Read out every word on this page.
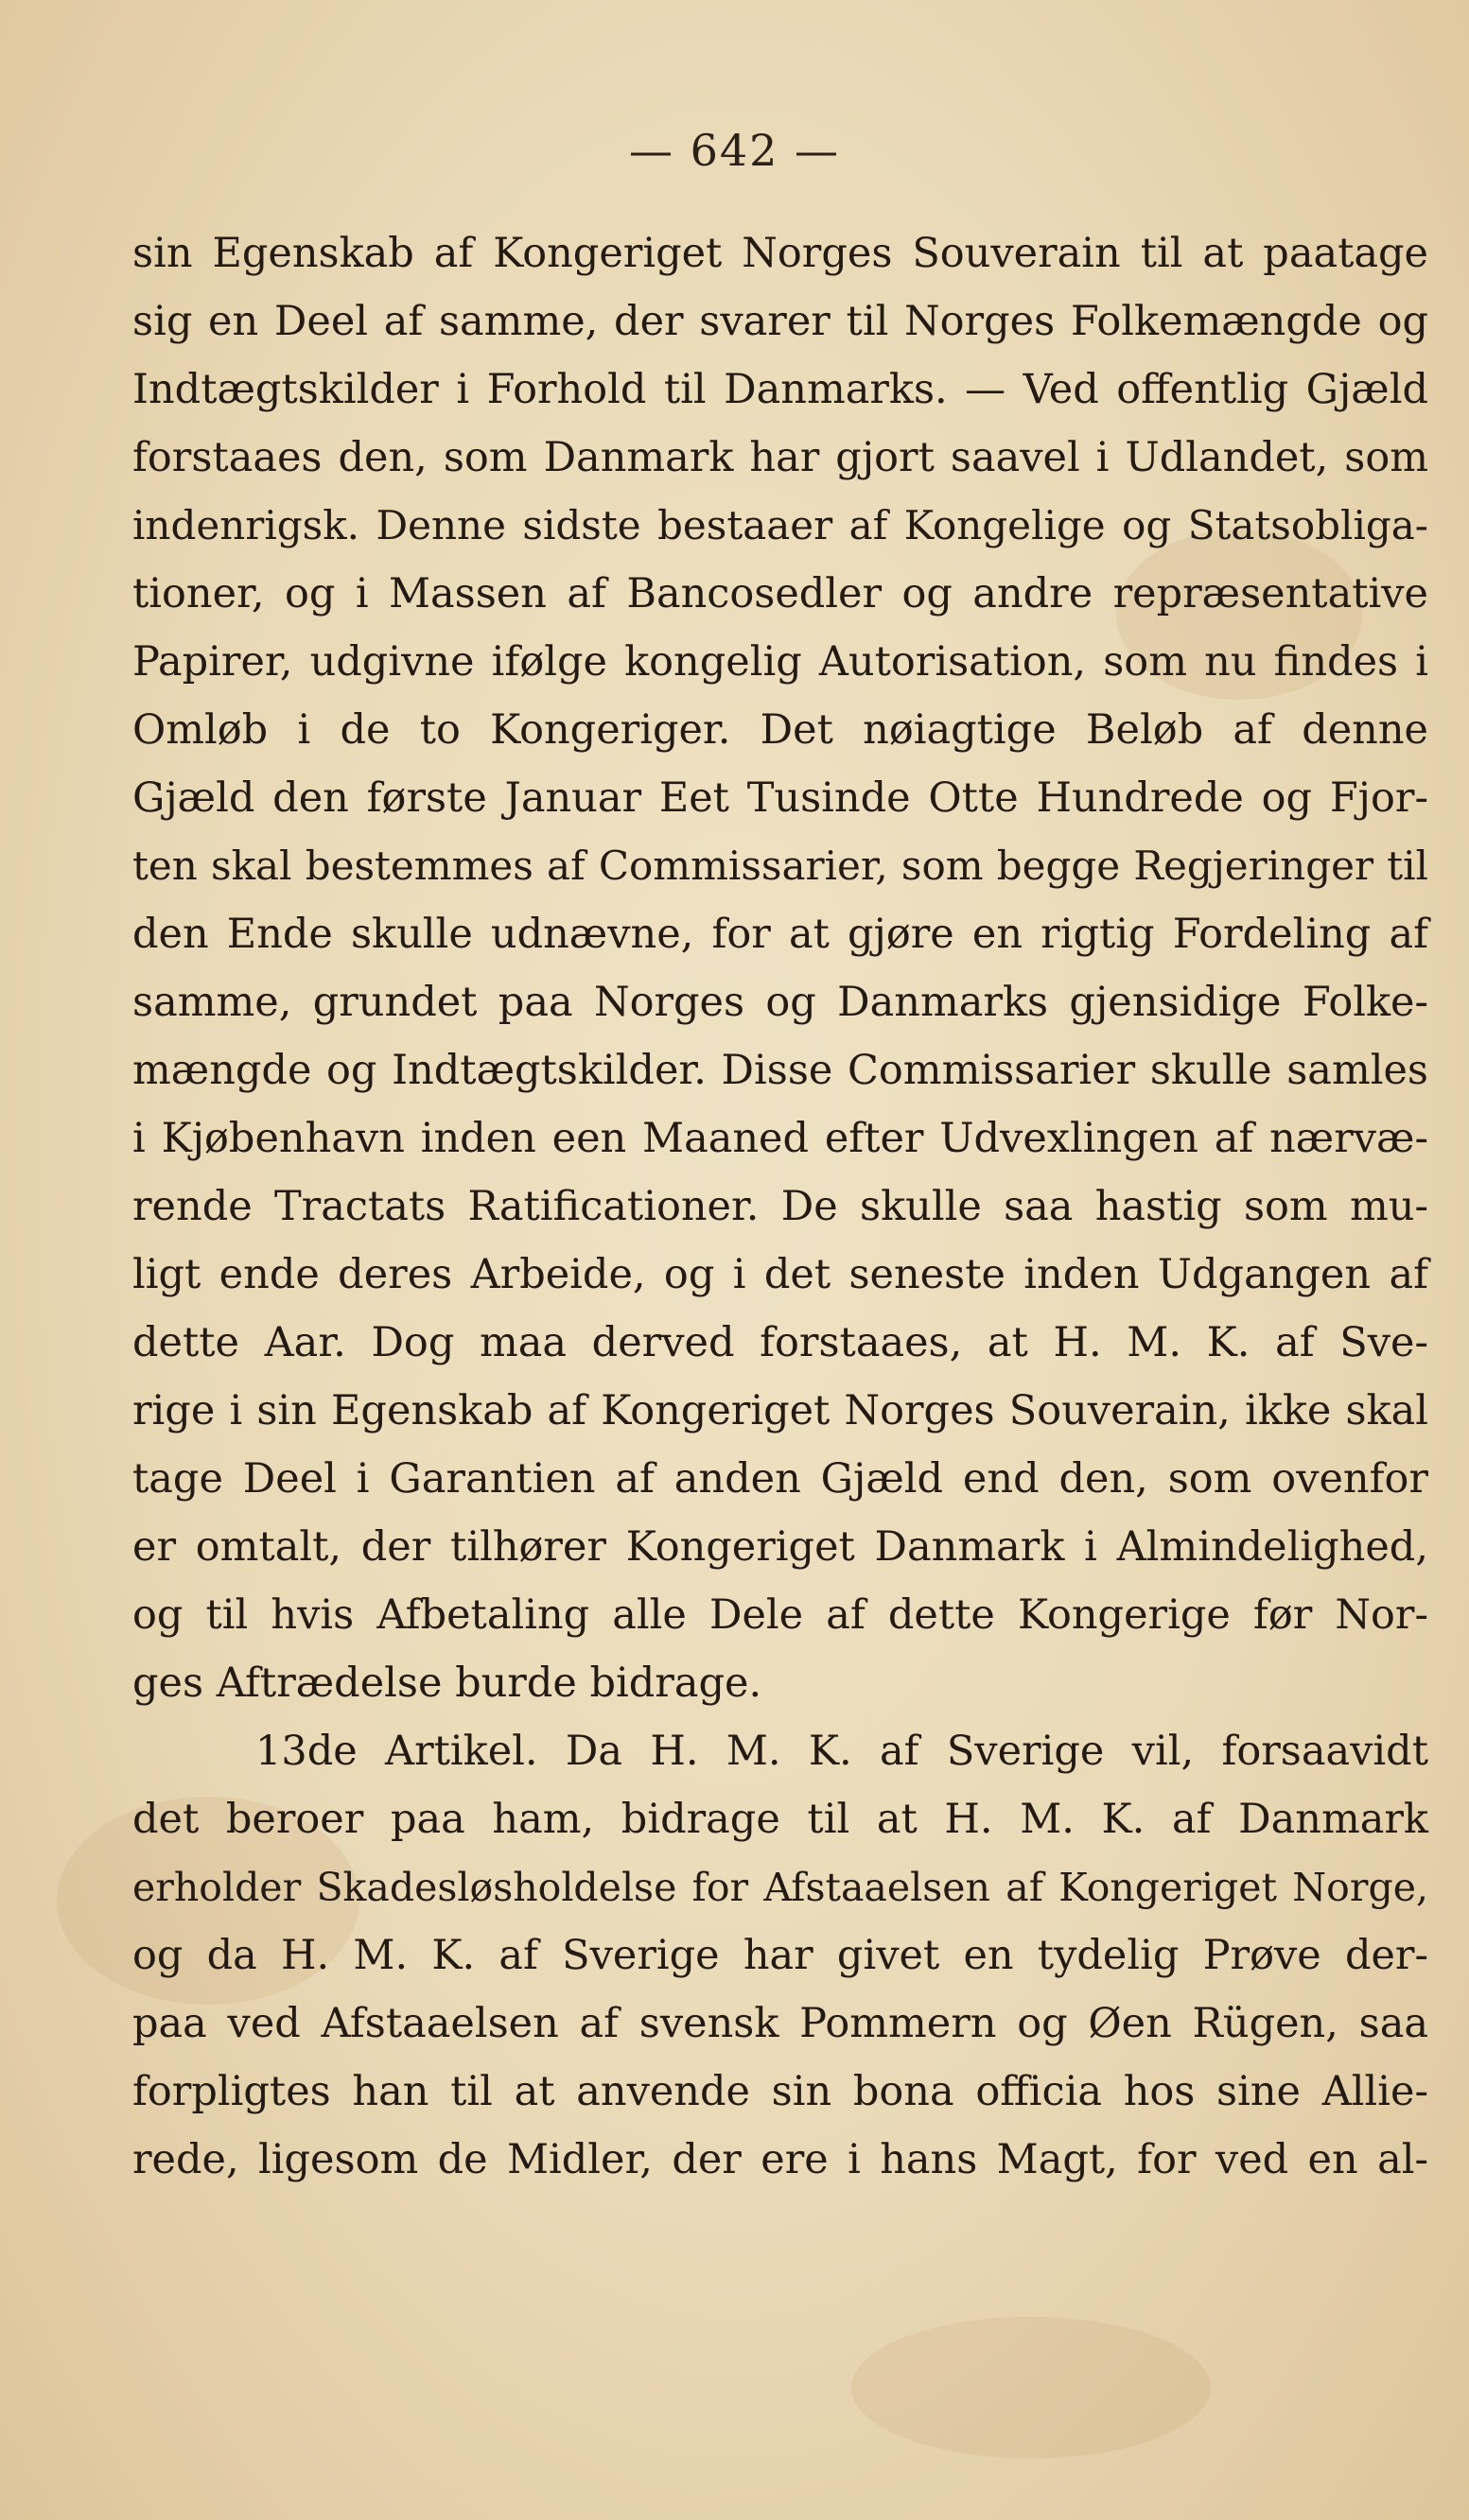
— 642 —
sin Egenskab af Kongeriget Norges Souverain til at paatage
sig en Deel af samme, der svarer til Norges Folkemængde og
Indtægtskilder i Forhold til Danmarks. — Ved offentlig Gjæld
forstaaes den, som Danmark har gjort saavel i Udlandet, som
indenrigsk. Denne sidste bestaaer af Kongelige og Statsobliga-
tioner, og i Massen af Bancosedler og andre repræsentative
Papirer, udgivne ifølge kongelig Autorisation, som nu findes i
Omløb i de to Kongeriger. Det nøiagtige Beløb af denne
Gjæld den første Januar Eet Tusinde Otte Hundrede og Fjor-
ten skal bestemmes af Commissarier, som begge Regjeringer til
den Ende skulle udnævne, for at gjøre en rigtig Fordeling af
samme, grundet paa Norges og Danmarks gjensidige Folke-
mængde og Indtægtskilder. Disse Commissarier skulle samles
i Kjøbenhavn inden een Maaned efter Udvexlingen af nærvæ-
rende Tractats Ratificationer. De skulle saa hastig som mu-
ligt ende deres Arbeide, og i det seneste inden Udgangen af
dette Aar. Dog maa derved forstaaes, at H. M. K. af Sve-
rige i sin Egenskab af Kongeriget Norges Souverain, ikke skal
tage Deel i Garantien af anden Gjæld end den, som ovenfor
er omtalt, der tilhører Kongeriget Danmark i Almindelighed,
og til hvis Afbetaling alle Dele af dette Kongerige før Nor-
ges Aftrædelse burde bidrage.
13de Artikel. Da H. M. K. af Sverige vil, forsaavidt
det beroer paa ham, bidrage til at H. M. K. af Danmark
erholder Skadesløsholdelse for Afstaaelsen af Kongeriget Norge,
og da H. M. K. af Sverige har givet en tydelig Prøve der-
paa ved Afstaaelsen af svensk Pommern og Øen Rügen, saa
forpligtes han til at anvende sin bona officia hos sine Allie-
rede, ligesom de Midler, der ere i hans Magt, for ved en al-
